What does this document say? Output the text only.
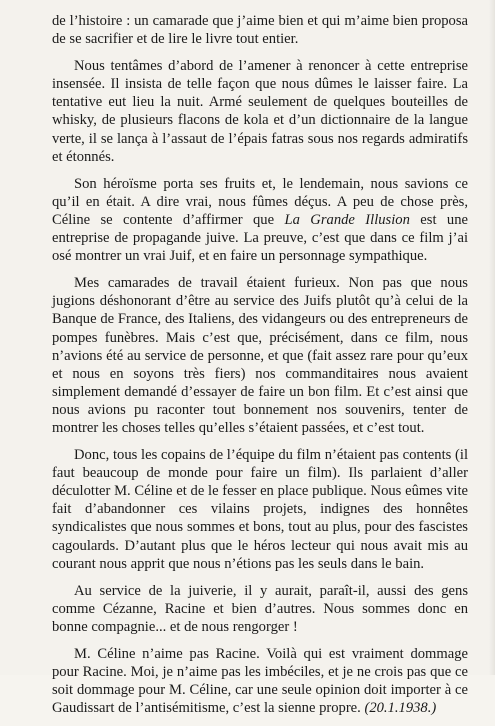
de l’histoire : un camarade que j’aime bien et qui m’aime bien proposa de se sacrifier et de lire le livre tout entier.

Nous tentâmes d’abord de l’amener à renoncer à cette entreprise insensée. Il insista de telle façon que nous dûmes le laisser faire. La tentative eut lieu la nuit. Armé seulement de quelques bouteilles de whisky, de plusieurs flacons de kola et d’un dictionnaire de la langue verte, il se lança à l’assaut de l’épais fatras sous nos regards admiratifs et étonnés.

Son héroïsme porta ses fruits et, le lendemain, nous savions ce qu’il en était. A dire vrai, nous fûmes déçus. A peu de chose près, Céline se contente d’affirmer que La Grande Illusion est une entreprise de propagande juive. La preuve, c’est que dans ce film j’ai osé montrer un vrai Juif, et en faire un personnage sympathique.

Mes camarades de travail étaient furieux. Non pas que nous jugions déshonorant d’être au service des Juifs plutôt qu’à celui de la Banque de France, des Italiens, des vidangeurs ou des entrepreneurs de pompes funèbres. Mais c’est que, précisément, dans ce film, nous n’avions été au service de personne, et que (fait assez rare pour qu’eux et nous en soyons très fiers) nos commanditaires nous avaient simplement demandé d’essayer de faire un bon film. Et c’est ainsi que nous avions pu raconter tout bonnement nos souvenirs, tenter de montrer les choses telles qu’elles s’étaient passées, et c’est tout.

Donc, tous les copains de l’équipe du film n’étaient pas contents (il faut beaucoup de monde pour faire un film). Ils parlaient d’aller déculotter M. Céline et de le fesser en place publique. Nous eûmes vite fait d’abandonner ces vilains projets, indignes des honnêtes syndicalistes que nous sommes et bons, tout au plus, pour des fascistes cagoulards. D’autant plus que le héros lecteur qui nous avait mis au courant nous apprit que nous n’étions pas les seuls dans le bain.

Au service de la juiverie, il y aurait, paraît-il, aussi des gens comme Cézanne, Racine et bien d’autres. Nous sommes donc en bonne compagnie... et de nous rengorger !

M. Céline n’aime pas Racine. Voilà qui est vraiment dommage pour Racine. Moi, je n’aime pas les imbéciles, et je ne crois pas que ce soit dommage pour M. Céline, car une seule opinion doit importer à ce Gaudissart de l’antisémitisme, c’est la sienne propre. (20.1.1938.)
